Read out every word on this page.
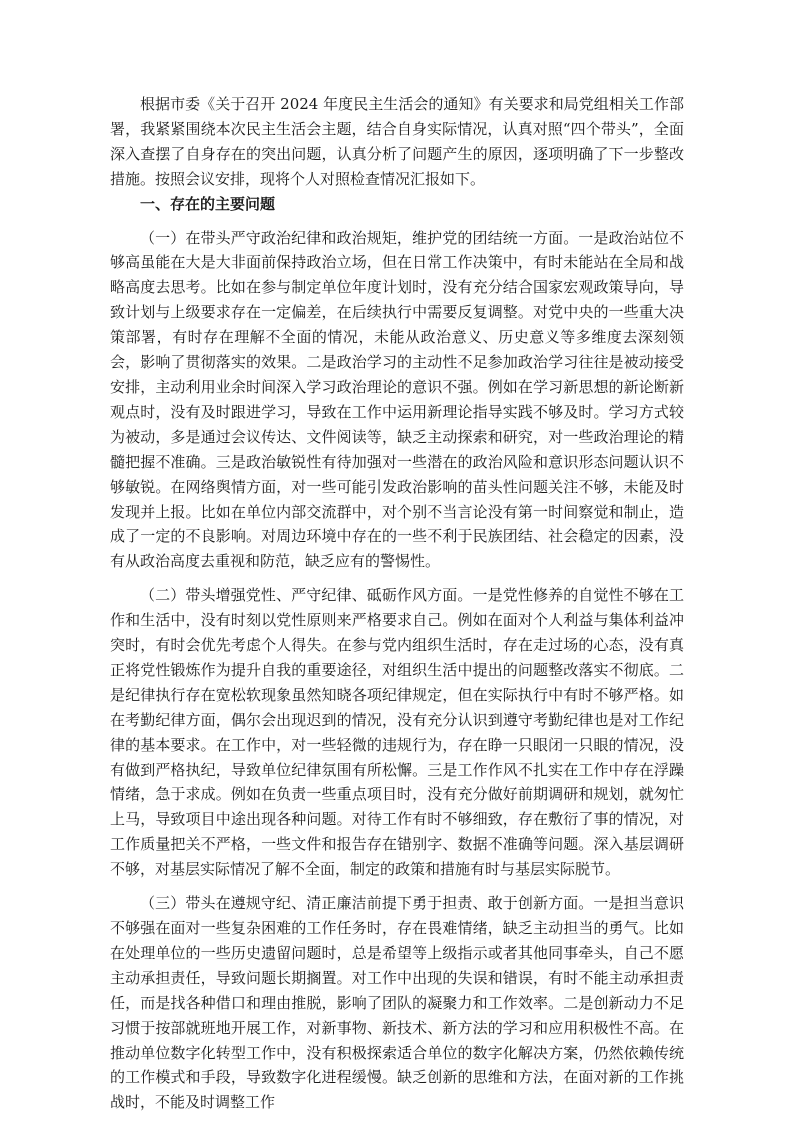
根据市委《关于召开 2024 年度民主生活会的通知》有关要求和局党组相关工作部署，我紧紧围绕本次民主生活会主题，结合自身实际情况，认真对照“四个带头”，全面深入查摆了自身存在的突出问题，认真分析了问题产生的原因，逐项明确了下一步整改措施。按照会议安排，现将个人对照检查情况汇报如下。

一、存在的主要问题

（一）在带头严守政治纪律和政治规矩，维护党的团结统一方面。一是政治站位不够高虽能在大是大非面前保持政治立场，但在日常工作决策中，有时未能站在全局和战略高度去思考。比如在参与制定单位年度计划时，没有充分结合国家宏观政策导向，导致计划与上级要求存在一定偏差，在后续执行中需要反复调整。对党中央的一些重大决策部署，有时存在理解不全面的情况，未能从政治意义、历史意义等多维度去深刻领会，影响了贯彻落实的效果。二是政治学习的主动性不足参加政治学习往往是被动接受安排，主动利用业余时间深入学习政治理论的意识不强。例如在学习新思想的新论断新观点时，没有及时跟进学习，导致在工作中运用新理论指导实践不够及时。学习方式较为被动，多是通过会议传达、文件阅读等，缺乏主动探索和研究，对一些政治理论的精髓把握不准确。三是政治敏锐性有待加强对一些潜在的政治风险和意识形态问题认识不够敏锐。在网络舆情方面，对一些可能引发政治影响的苗头性问题关注不够，未能及时发现并上报。比如在单位内部交流群中，对个别不当言论没有第一时间察觉和制止，造成了一定的不良影响。对周边环境中存在的一些不利于民族团结、社会稳定的因素，没有从政治高度去重视和防范，缺乏应有的警惕性。

（二）带头增强党性、严守纪律、砥砺作风方面。一是党性修养的自觉性不够在工作和生活中，没有时刻以党性原则来严格要求自己。例如在面对个人利益与集体利益冲突时，有时会优先考虑个人得失。在参与党内组织生活时，存在走过场的心态，没有真正将党性锻炼作为提升自我的重要途径，对组织生活中提出的问题整改落实不彻底。二是纪律执行存在宽松软现象虽然知晓各项纪律规定，但在实际执行中有时不够严格。如在考勤纪律方面，偶尔会出现迟到的情况，没有充分认识到遵守考勤纪律也是对工作纪律的基本要求。在工作中，对一些轻微的违规行为，存在睁一只眼闭一只眼的情况，没有做到严格执纪，导致单位纪律氛围有所松懈。三是工作作风不扎实在工作中存在浮躁情绪，急于求成。例如在负责一些重点项目时，没有充分做好前期调研和规划，就匆忙上马，导致项目中途出现各种问题。对待工作有时不够细致，存在敷衍了事的情况，对工作质量把关不严格，一些文件和报告存在错别字、数据不准确等问题。深入基层调研不够，对基层实际情况了解不全面，制定的政策和措施有时与基层实际脱节。

（三）带头在遵规守纪、清正廉洁前提下勇于担责、敢于创新方面。一是担当意识不够强在面对一些复杂困难的工作任务时，存在畏难情绪，缺乏主动担当的勇气。比如在处理单位的一些历史遗留问题时，总是希望等上级指示或者其他同事牵头，自己不愿主动承担责任，导致问题长期搁置。对工作中出现的失误和错误，有时不能主动承担责任，而是找各种借口和理由推脱，影响了团队的凝聚力和工作效率。二是创新动力不足习惯于按部就班地开展工作，对新事物、新技术、新方法的学习和应用积极性不高。在推动单位数字化转型工作中，没有积极探索适合单位的数字化解决方案，仍然依赖传统的工作模式和手段，导致数字化进程缓慢。缺乏创新的思维和方法，在面对新的工作挑战时，不能及时调整工作
